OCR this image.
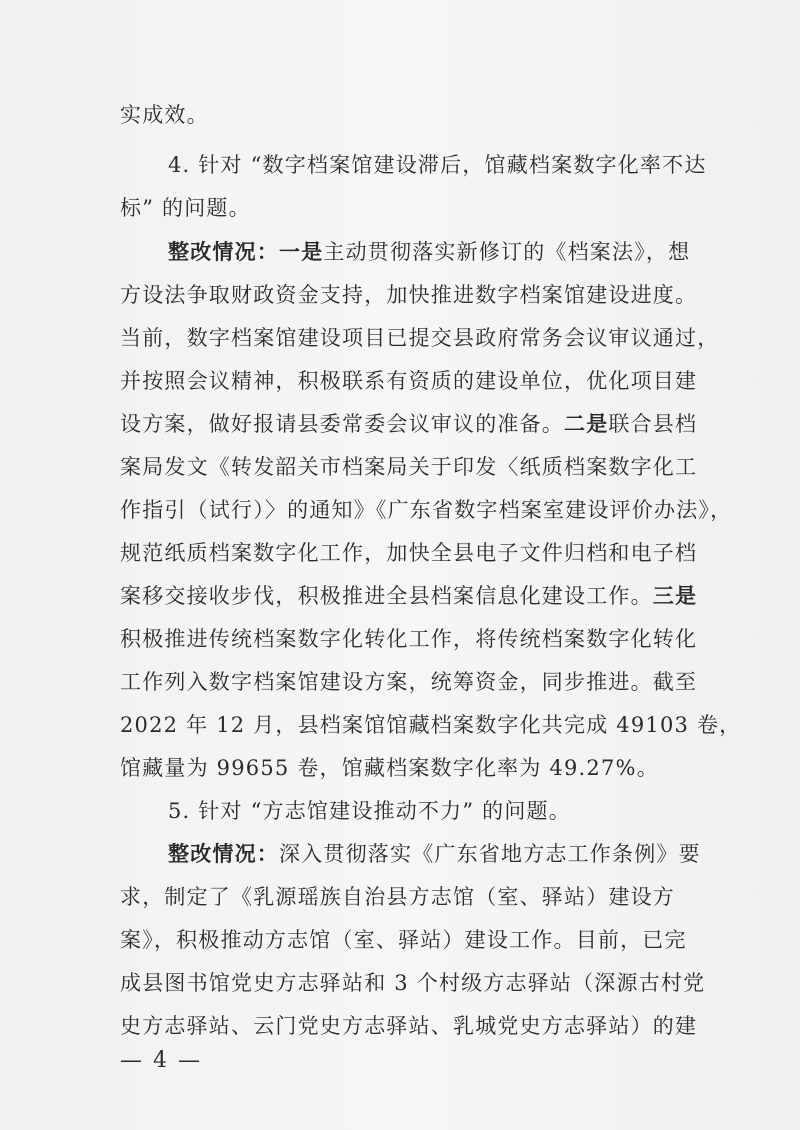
实成效。
4. 针对 “数字档案馆建设滞后，馆藏档案数字化率不达
标” 的问题。
整改情况：一是主动贯彻落实新修订的《档案法》，想
方设法争取财政资金支持，加快推进数字档案馆建设进度。
当前，数字档案馆建设项目已提交县政府常务会议审议通过，
并按照会议精神，积极联系有资质的建设单位，优化项目建
设方案，做好报请县委常委会议审议的准备。二是联合县档
案局发文《转发韶关市档案局关于印发〈纸质档案数字化工
作指引（试行）〉的通知》《广东省数字档案室建设评价办法》，
规范纸质档案数字化工作，加快全县电子文件归档和电子档
案移交接收步伐，积极推进全县档案信息化建设工作。三是
积极推进传统档案数字化转化工作，将传统档案数字化转化
工作列入数字档案馆建设方案，统筹资金，同步推进。截至
2022 年 12 月，县档案馆馆藏档案数字化共完成 49103 卷，
馆藏量为 99655 卷，馆藏档案数字化率为 49.27%。
5. 针对 “方志馆建设推动不力” 的问题。
整改情况：深入贯彻落实《广东省地方志工作条例》要
求，制定了《乳源瑶族自治县方志馆（室、驿站）建设方
案》，积极推动方志馆（室、驿站）建设工作。目前，已完
成县图书馆党史方志驿站和 3 个村级方志驿站（深源古村党
史方志驿站、云门党史方志驿站、乳城党史方志驿站）的建
— 4 —
